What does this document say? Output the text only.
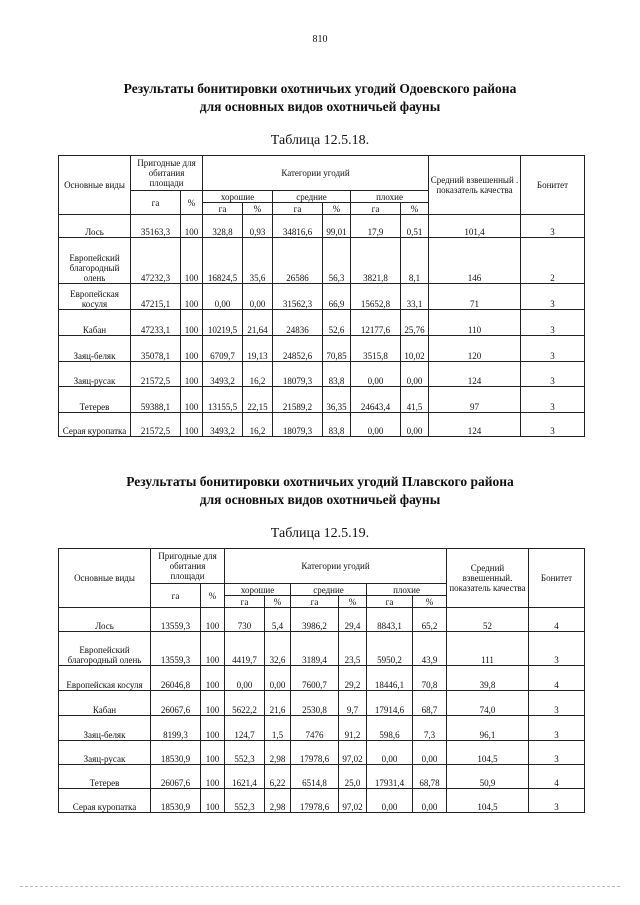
810
Результаты бонитировки охотничьих угодий Одоевского района
для основных видов охотничьей фауны
Таблица 12.5.18.
Основные виды	Пригодные для обитания площади		Категории угодий						Средний взвешенный . показатель качества	Бонитет
	га	%	хорошие		средние		плохие			
			га	%	га	%	га	%		
Лось	35163,3	100	328,8	0,93	34816,6	99,01	17,9	0,51	101,4	3
Европейский благородный олень	47232,3	100	16824,5	35,6	26586	56,3	3821,8	8,1	146	2
Европейская косуля	47215,1	100	0,00	0,00	31562,3	66,9	15652,8	33,1	71	3
Кабан	47233,1	100	10219,5	21,64	24836	52,6	12177,6	25,76	110	3
Заяц-беляк	35078,1	100	6709,7	19,13	24852,6	70,85	3515,8	10,02	120	3
Заяц-русак	21572,5	100	3493,2	16,2	18079,3	83,8	0,00	0,00	124	3
Тетерев	59388,1	100	13155,5	22,15	21589,2	36,35	24643,4	41,5	97	3
Серая куропатка	21572,5	100	3493,2	16,2	18079,3	83,8	0,00	0,00	124	3
Результаты бонитировки охотничьих угодий Плавского района
для основных видов охотничьей фауны
Таблица 12.5.19.
Основные виды	Пригодные для обитания площади		Категории угодий						Средний взвешенный. показатель качества	Бонитет
	га	%	хорошие		средние		плохие			
			га	%	га	%	га	%		
Лось	13559,3	100	730	5,4	3986,2	29,4	8843,1	65,2	52	4
Европейский благородный олень	13559,3	100	4419,7	32,6	3189,4	23,5	5950,2	43,9	111	3
Европейская косуля	26046,8	100	0,00	0,00	7600,7	29,2	18446,1	70,8	39,8	4
Кабан	26067,6	100	5622,2	21,6	2530,8	9,7	17914,6	68,7	74,0	3
Заяц-беляк	8199,3	100	124,7	1,5	7476	91,2	598,6	7,3	96,1	3
Заяц-русак	18530,9	100	552,3	2,98	17978,6	97,02	0,00	0,00	104,5	3
Тетерев	26067,6	100	1621,4	6,22	6514,8	25,0	17931,4	68,78	50,9	4
Серая куропатка	18530,9	100	552,3	2,98	17978,6	97,02	0,00	0,00	104,5	3
